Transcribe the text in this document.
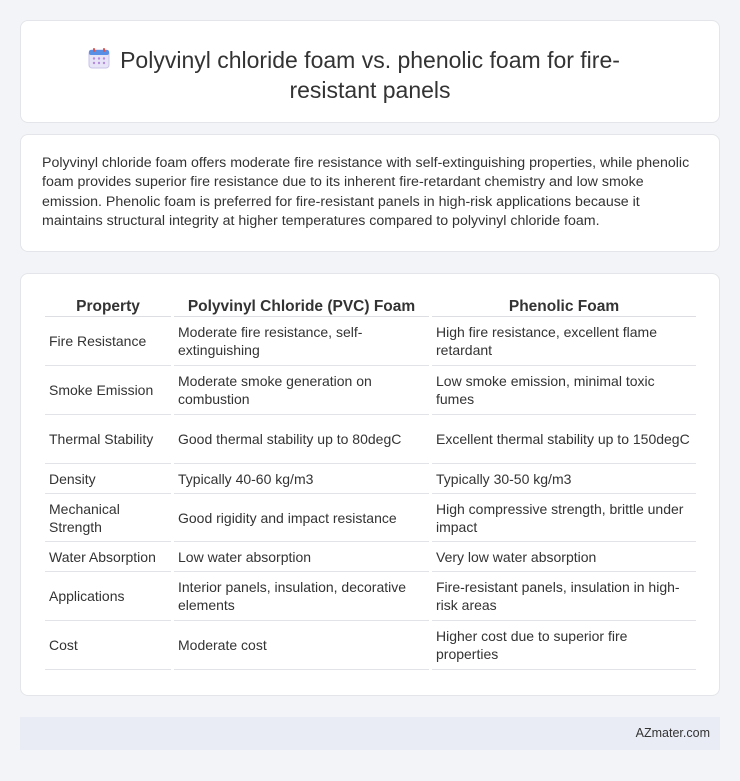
Polyvinyl chloride foam vs. phenolic foam for fire-
resistant panels

Polyvinyl chloride foam offers moderate fire resistance with self-extinguishing properties, while phenolic foam provides superior fire resistance due to its inherent fire-retardant chemistry and low smoke emission. Phenolic foam is preferred for fire-resistant panels in high-risk applications because it maintains structural integrity at higher temperatures compared to polyvinyl chloride foam.

Property	Polyvinyl Chloride (PVC) Foam	Phenolic Foam
Fire Resistance	Moderate fire resistance, self-extinguishing	High fire resistance, excellent flame retardant
Smoke Emission	Moderate smoke generation on combustion	Low smoke emission, minimal toxic fumes
Thermal Stability	Good thermal stability up to 80degC	Excellent thermal stability up to 150degC
Density	Typically 40-60 kg/m3	Typically 30-50 kg/m3
Mechanical Strength	Good rigidity and impact resistance	High compressive strength, brittle under impact
Water Absorption	Low water absorption	Very low water absorption
Applications	Interior panels, insulation, decorative elements	Fire-resistant panels, insulation in high-risk areas
Cost	Moderate cost	Higher cost due to superior fire properties
AZmater.com
